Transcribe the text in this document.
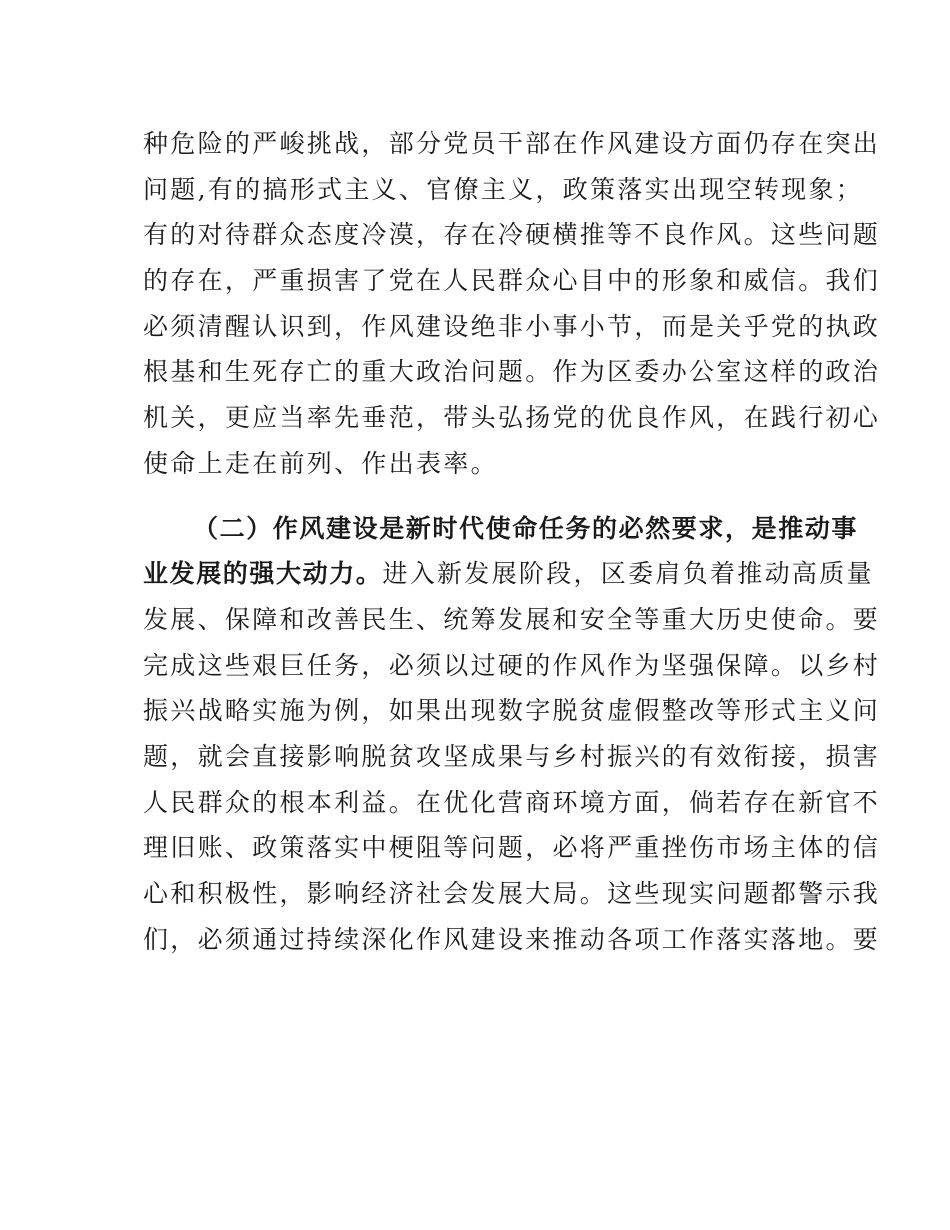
种危险的严峻挑战，部分党员干部在作风建设方面仍存在突出
问题,有的搞形式主义、官僚主义，政策落实出现空转现象；
有的对待群众态度冷漠，存在冷硬横推等不良作风。这些问题
的存在，严重损害了党在人民群众心目中的形象和威信。我们
必须清醒认识到，作风建设绝非小事小节，而是关乎党的执政
根基和生死存亡的重大政治问题。作为区委办公室这样的政治
机关，更应当率先垂范，带头弘扬党的优良作风，在践行初心
使命上走在前列、作出表率。
（二）作风建设是新时代使命任务的必然要求，是推动事
业发展的强大动力。进入新发展阶段，区委肩负着推动高质量
发展、保障和改善民生、统筹发展和安全等重大历史使命。要
完成这些艰巨任务，必须以过硬的作风作为坚强保障。以乡村
振兴战略实施为例，如果出现数字脱贫虚假整改等形式主义问
题，就会直接影响脱贫攻坚成果与乡村振兴的有效衔接，损害
人民群众的根本利益。在优化营商环境方面，倘若存在新官不
理旧账、政策落实中梗阻等问题，必将严重挫伤市场主体的信
心和积极性，影响经济社会发展大局。这些现实问题都警示我
们，必须通过持续深化作风建设来推动各项工作落实落地。要
